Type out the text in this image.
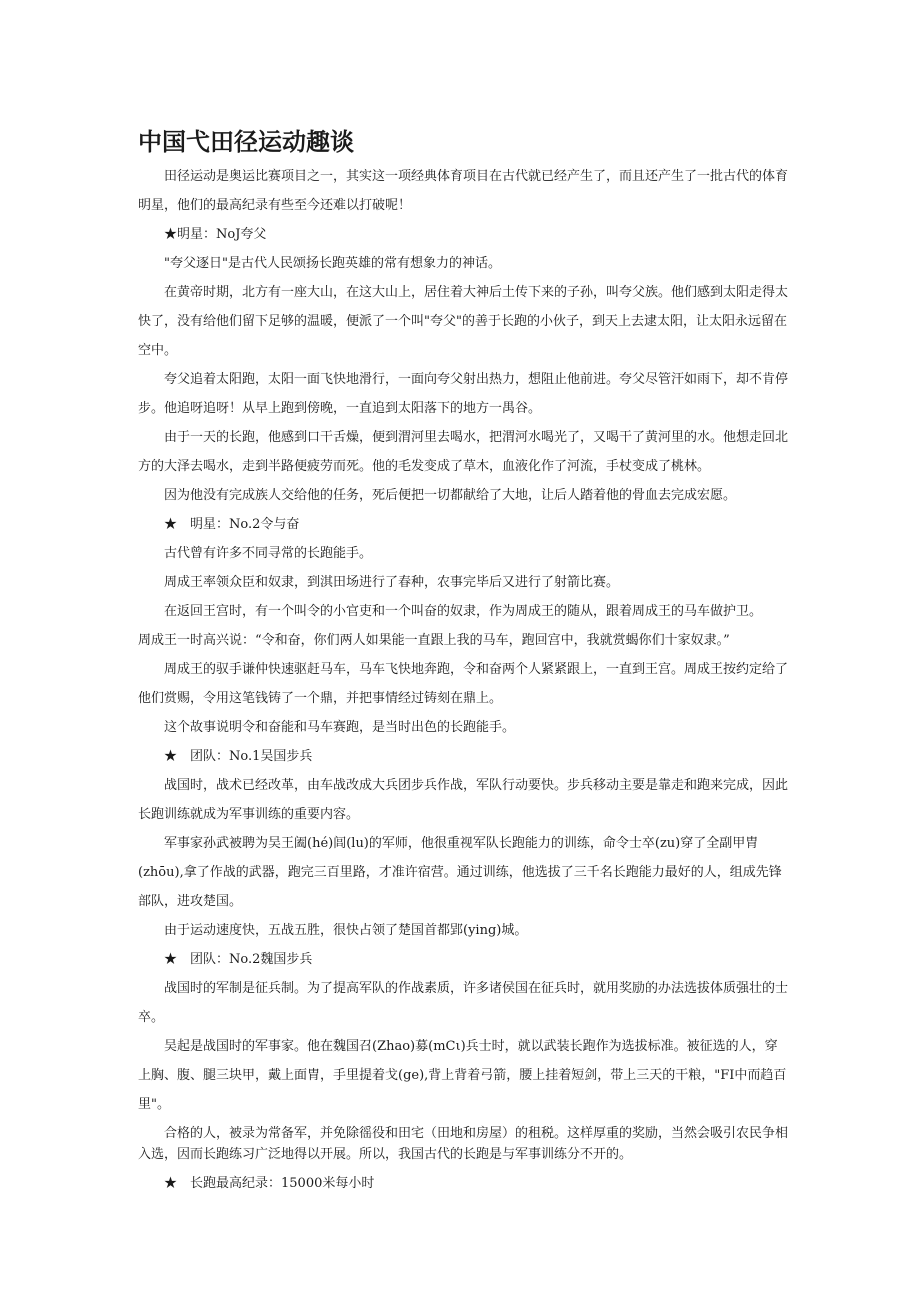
中国弋田径运动趣谈

田径运动是奥运比赛项目之一，其实这一项经典体育项目在古代就已经产生了，而且还产生了一批古代的体育明星，他们的最高纪录有些至今还难以打破呢！

★明星：NoJ夸父

"夸父逐日"是古代人民颂扬长跑英雄的常有想象力的神话。

在黄帝时期，北方有一座大山，在这大山上，居住着大神后土传下来的子孙，叫夸父族。他们感到太阳走得太快了，没有给他们留下足够的温暖，便派了一个叫"夸父"的善于长跑的小伙子，到天上去逮太阳，让太阳永远留在空中。

夸父追着太阳跑，太阳一面飞快地滑行，一面向夸父射出热力，想阻止他前进。夸父尽管汗如雨下，却不肯停步。他追呀追呀！从早上跑到傍晚，一直追到太阳落下的地方一禺谷。

由于一天的长跑，他感到口干舌燥，便到渭河里去喝水，把渭河水喝光了，又喝干了黄河里的水。他想走回北方的大泽去喝水，走到半路便疲劳而死。他的毛发变成了草木，血液化作了河流，手杖变成了桃林。

因为他没有完成族人交给他的任务，死后便把一切都献给了大地，让后人踏着他的骨血去完成宏愿。

★　明星：No.2令与奋

古代曾有许多不同寻常的长跑能手。

周成王率领众臣和奴隶，到淇田场进行了春种，农事完毕后又进行了射箭比赛。

在返回王宫时，有一个叫令的小官吏和一个叫奋的奴隶，作为周成王的随从，跟着周成王的马车做护卫。

周成王一时高兴说：“令和奋，你们两人如果能一直跟上我的马车，跑回宫中，我就赏蝎你们十家奴隶。”

周成王的驭手谦仲快速驱赶马车，马车飞快地奔跑，令和奋两个人紧紧跟上，一直到王宫。周成王按约定给了他们赏赐，令用这笔钱铸了一个鼎，并把事情经过铸刻在鼎上。

这个故事说明令和奋能和马车赛跑，是当时出色的长跑能手。

★　团队：No.1吴国步兵

战国时，战术已经改革，由车战改成大兵团步兵作战，军队行动要快。步兵移动主要是靠走和跑来完成，因此长跑训练就成为军事训练的重要内容。

军事家孙武被聘为吴王阖(hé)闾(lu)的军师，他很重视军队长跑能力的训练，命令士卒(zu)穿了全副甲胄(zhōu),拿了作战的武器，跑完三百里路，才准许宿营。通过训练，他选拔了三千名长跑能力最好的人，组成先锋部队，进攻楚国。

由于运动速度快，五战五胜，很快占领了楚国首都郢(ying)城。

★　团队：No.2魏国步兵

战国时的军制是征兵制。为了提高军队的作战素质，许多诸侯国在征兵时，就用奖励的办法选拔体质强壮的士卒。

吴起是战国时的军事家。他在魏国召(Zhao)募(mCι)兵士时，就以武装长跑作为选拔标准。被征选的人，穿上胸、腹、腿三块甲，戴上面胄，手里提着戈(ge),背上背着弓箭，腰上挂着短剑，带上三天的干粮，"FI中而趋百里"。

合格的人，被录为常备军，并免除徭役和田宅（田地和房屋）的租税。这样厚重的奖励，当然会吸引农民争相入选，因而长跑练习广泛地得以开展。所以，我国古代的长跑是与军事训练分不开的。

★　长跑最高纪录：15000米每小时
